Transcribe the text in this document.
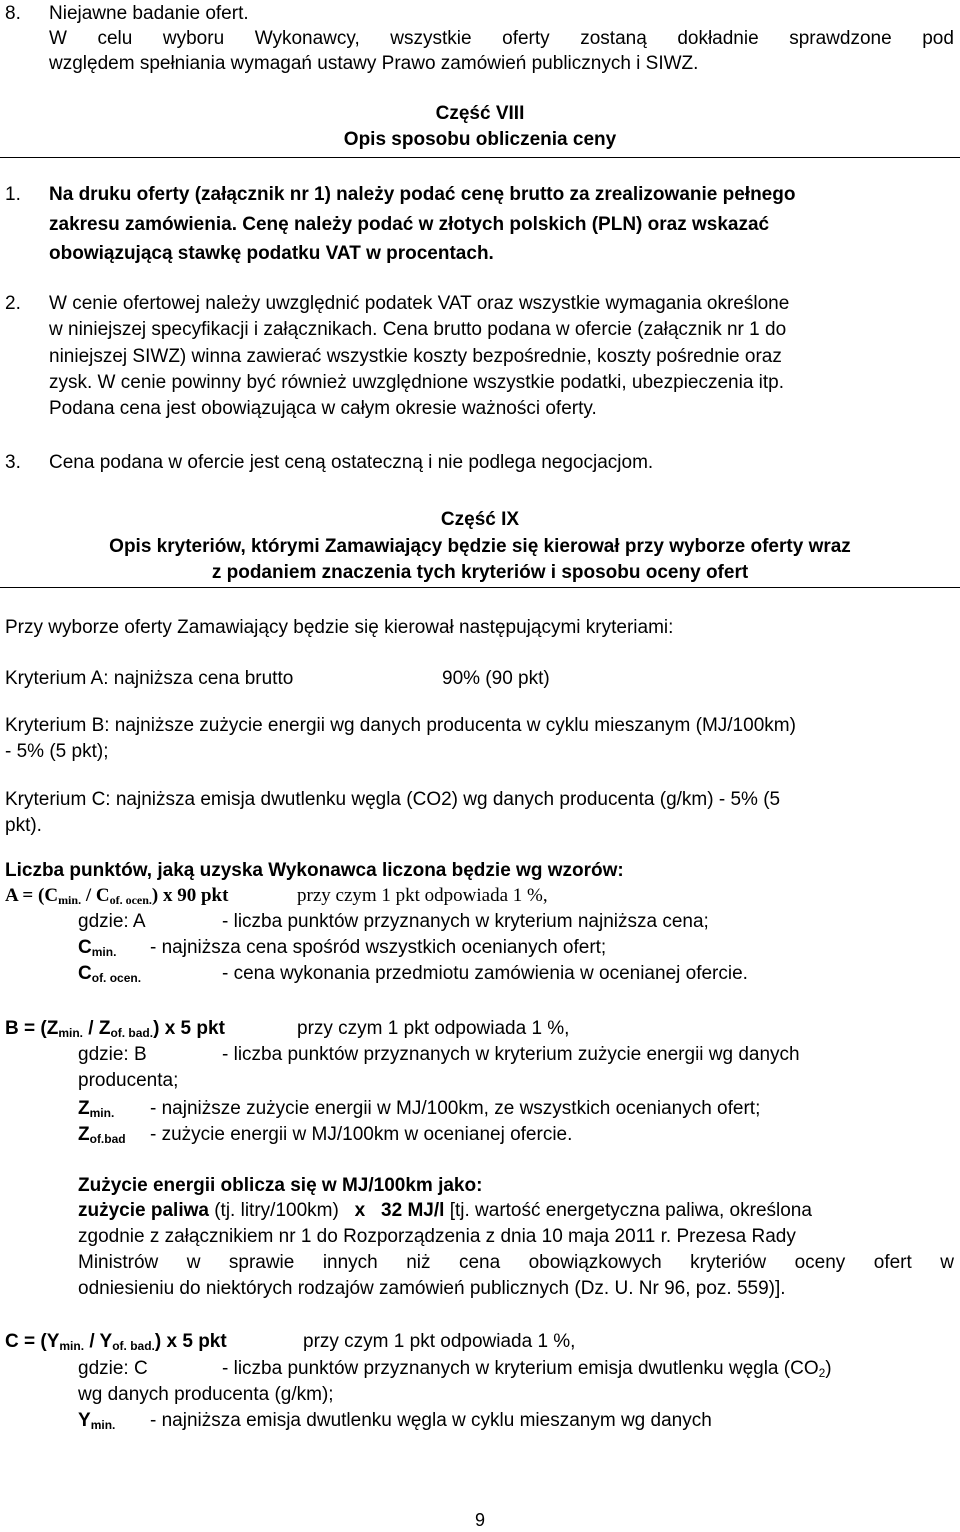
8. Niejawne badanie ofert.
W celu wyboru Wykonawcy, wszystkie oferty zostaną dokładnie sprawdzone pod
względem spełniania wymagań ustawy Prawo zamówień publicznych i SIWZ.
Część VIII
Opis sposobu obliczenia ceny
1. Na druku oferty (załącznik nr 1) należy podać cenę brutto za zrealizowanie pełnego
zakresu zamówienia. Cenę należy podać w złotych polskich (PLN) oraz wskazać
obowiązującą stawkę podatku VAT w procentach.
2. W cenie ofertowej należy uwzględnić podatek VAT oraz wszystkie wymagania określone
w niniejszej specyfikacji i załącznikach. Cena brutto podana w ofercie (załącznik nr 1 do
niniejszej SIWZ) winna zawierać wszystkie koszty bezpośrednie, koszty pośrednie oraz
zysk. W cenie powinny być również uwzględnione wszystkie podatki, ubezpieczenia itp.
Podana cena jest obowiązująca w całym okresie ważności oferty.
3. Cena podana w ofercie jest ceną ostateczną i nie podlega negocjacjom.
Część IX
Opis kryteriów, którymi Zamawiający będzie się kierował przy wyborze oferty wraz
z podaniem znaczenia tych kryteriów i sposobu oceny ofert
Przy wyborze oferty Zamawiający będzie się kierował następującymi kryteriami:
Kryterium A: najniższa cena brutto	90% (90 pkt)
Kryterium B: najniższe zużycie energii wg danych producenta w cyklu mieszanym (MJ/100km)
- 5% (5 pkt);
Kryterium C: najniższa emisja dwutlenku węgla (CO2) wg danych producenta (g/km) - 5% (5
pkt).
Liczba punktów, jaką uzyska Wykonawca liczona będzie wg wzorów:
$A = (C_{min.} / C_{of. ocen.})$ x 90 pkt	przy czym 1 pkt odpowiada 1 %,
gdzie: A	- liczba punktów przyznanych w kryterium najniższa cena;
$C_{min.}$ - najniższa cena spośród wszystkich ocenianych ofert;
$C_{of. ocen.}$	- cena wykonania przedmiotu zamówienia w ocenianej ofercie.
$B = (Z_{min.} / Z_{of. bad.})$ x 5 pkt	przy czym 1 pkt odpowiada 1 %,
gdzie: B	- liczba punktów przyznanych w kryterium zużycie energii wg danych
producenta;
$Z_{min.}$ - najniższe zużycie energii w MJ/100km, ze wszystkich ocenianych ofert;
$Z_{of.bad}$ - zużycie energii w MJ/100km w ocenianej ofercie.
Zużycie energii oblicza się w MJ/100km jako:
zużycie paliwa (tj. litry/100km)   x   32 MJ/l [tj. wartość energetyczna paliwa, określona
zgodnie z załącznikiem nr 1 do Rozporządzenia z dnia 10 maja 2011 r. Prezesa Rady
Ministrów w sprawie innych niż cena obowiązkowych kryteriów oceny ofert w
odniesieniu do niektórych rodzajów zamówień publicznych (Dz. U. Nr 96, poz. 559)].
$C = (Y_{min.} / Y_{of. bad.})$ x 5 pkt	przy czym 1 pkt odpowiada 1 %,
gdzie: C	- liczba punktów przyznanych w kryterium emisja dwutlenku węgla $(CO_2)$
wg danych producenta (g/km);
$Y_{min.}$ - najniższa emisja dwutlenku węgla w cyklu mieszanym wg danych
9
